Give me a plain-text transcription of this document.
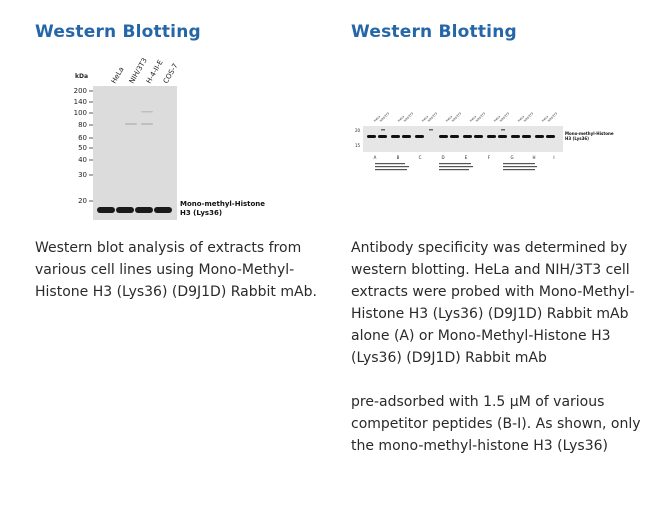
Western Blotting
Western blot analysis of extracts from various cell lines using Mono-Methyl-Histone H3 (Lys36) (D9J1D) Rabbit mAb.
kDa	HeLa NIH/3T3
H-4-II-E
COS-7
200
140
100
80
60
50
40
30
20	Mono-methyl-Histone
H3 (Lys36)
Western Blotting
Antibody specificity was determined by western blotting. HeLa and NIH/3T3 cell extracts were probed with Mono-Methyl-Histone H3 (Lys36) (D9J1D) Rabbit mAb alone (A) or Mono-Methyl-Histone H3 (Lys36) (D9J1D) Rabbit mAb

pre-adsorbed with 1.5 µM of various competitor peptides (B-I). As shown, only the mono-methyl-histone H3 (Lys36)
HeLa
NIH/3T3 HeLa
NIH/3T3 HeLa
NIH/3T3 HeLa
NIH/3T3 HeLa
NIH/3T3 HeLa
NIH/3T3 HeLa
NIH/3T3 HeLa
NIH/3T3
20
15
Mono-methyl-Histone
H3 (Lys36)
A	B	C	D	E	F	G	H	I
